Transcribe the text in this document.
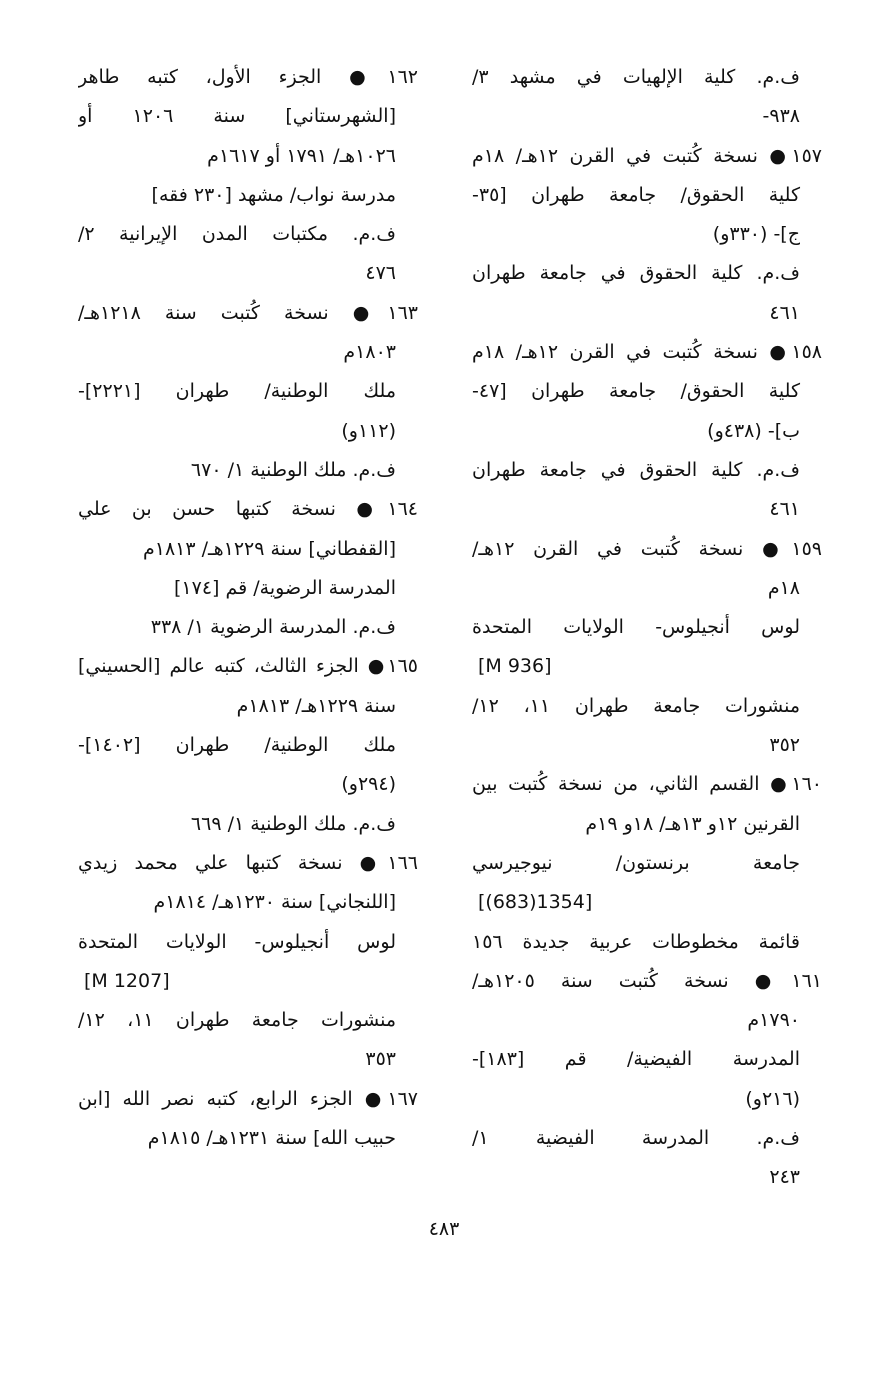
ف.م. كلية الإلهيات في مشهد ٣/
٩٣٨-
١٥٧● نسخة كُتبت في القرن ١٢هـ/ ١٨م
كلية الحقوق/ جامعة طهران [٣٥-
ج]- (٣٣٠و)
ف.م. كلية الحقوق في جامعة طهران
٤٦١
١٥٨● نسخة كُتبت في القرن ١٢هـ/ ١٨م
كلية الحقوق/ جامعة طهران [٤٧-
ب]- (٤٣٨و)
ف.م. كلية الحقوق في جامعة طهران
٤٦١
١٥٩● نسخة كُتبت في القرن ١٢هـ/
١٨م
لوس أنجيلوس- الولايات المتحدة
[M 936]
منشورات جامعة طهران ١١، ١٢/
٣٥٢
١٦٠● القسم الثاني، من نسخة كُتبت بين
القرنين ١٢و ١٣هـ/ ١٨و ١٩م
جامعة برنستون/ نيوجيرسي
[(683)1354]
قائمة مخطوطات عربية جديدة ١٥٦
١٦١● نسخة كُتبت سنة ١٢٠٥هـ/
١٧٩٠م
المدرسة الفيضية/ قم [١٨٣]-
(٢١٦و)
ف.م. المدرسة الفيضية ١/
٢٤٣
١٦٢● الجزء الأول، كتبه طاهر
[الشهرستاني] سنة ١٢٠٦ أو
١٠٢٦هـ/ ١٧٩١ أو ١٦١٧م
مدرسة نواب/ مشهد [٢٣٠ فقه]
ف.م. مكتبات المدن الإيرانية ٢/
٤٧٦
١٦٣● نسخة كُتبت سنة ١٢١٨هـ/
١٨٠٣م
ملك الوطنية/ طهران [٢٢٢١]-
(١١٢و)
ف.م. ملك الوطنية ١/ ٦٧٠
١٦٤● نسخة كتبها حسن بن علي
[القفطاني] سنة ١٢٢٩هـ/ ١٨١٣م
المدرسة الرضوية/ قم [١٧٤]
ف.م. المدرسة الرضوية ١/ ٣٣٨
١٦٥● الجزء الثالث، كتبه عالم [الحسيني]
سنة ١٢٢٩هـ/ ١٨١٣م
ملك الوطنية/ طهران [١٤٠٢]-
(٢٩٤و)
ف.م. ملك الوطنية ١/ ٦٦٩
١٦٦● نسخة كتبها علي محمد زيدي
[اللنجاني] سنة ١٢٣٠هـ/ ١٨١٤م
لوس أنجيلوس- الولايات المتحدة
[M 1207]
منشورات جامعة طهران ١١، ١٢/
٣٥٣
١٦٧● الجزء الرابع، كتبه نصر الله [ابن
حبيب الله] سنة ١٢٣١هـ/ ١٨١٥م
٤٨٣
